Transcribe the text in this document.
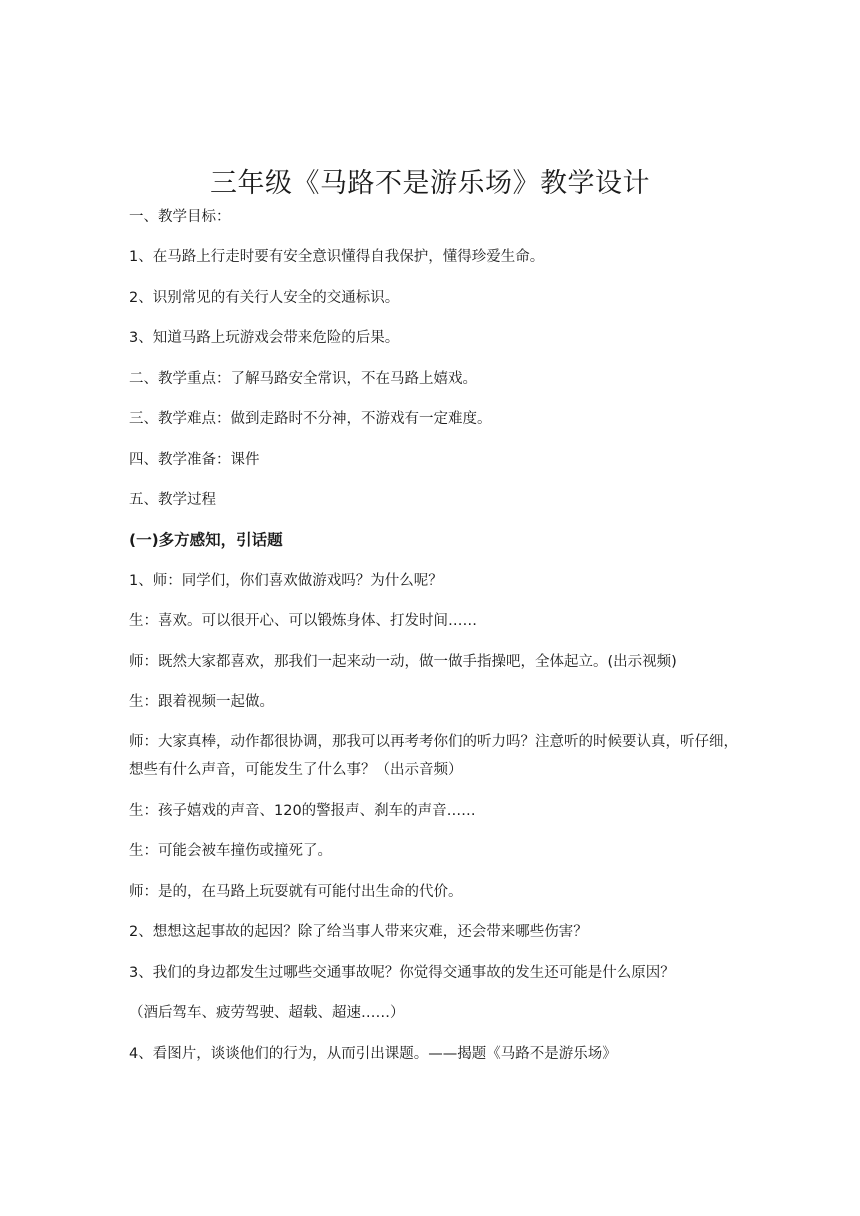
三年级《马路不是游乐场》教学设计

一、教学目标：

1、在马路上行走时要有安全意识懂得自我保护，懂得珍爱生命。

2、识别常见的有关行人安全的交通标识。

3、知道马路上玩游戏会带来危险的后果。

二、教学重点：了解马路安全常识，不在马路上嬉戏。

三、教学难点：做到走路时不分神，不游戏有一定难度。

四、教学准备：课件

五、教学过程

(一)多方感知，引话题

1、师：同学们，你们喜欢做游戏吗？为什么呢？

生：喜欢。可以很开心、可以锻炼身体、打发时间……

师：既然大家都喜欢，那我们一起来动一动，做一做手指操吧，全体起立。(出示视频)

生：跟着视频一起做。

师：大家真棒，动作都很协调，那我可以再考考你们的听力吗？注意听的时候要认真，听仔细，想些有什么声音，可能发生了什么事？（出示音频）

生：孩子嬉戏的声音、120的警报声、刹车的声音……

生：可能会被车撞伤或撞死了。

师：是的，在马路上玩耍就有可能付出生命的代价。

2、想想这起事故的起因？除了给当事人带来灾难，还会带来哪些伤害？

3、我们的身边都发生过哪些交通事故呢？你觉得交通事故的发生还可能是什么原因？

（酒后驾车、疲劳驾驶、超载、超速……）

4、看图片，谈谈他们的行为，从而引出课题。——揭题《马路不是游乐场》
